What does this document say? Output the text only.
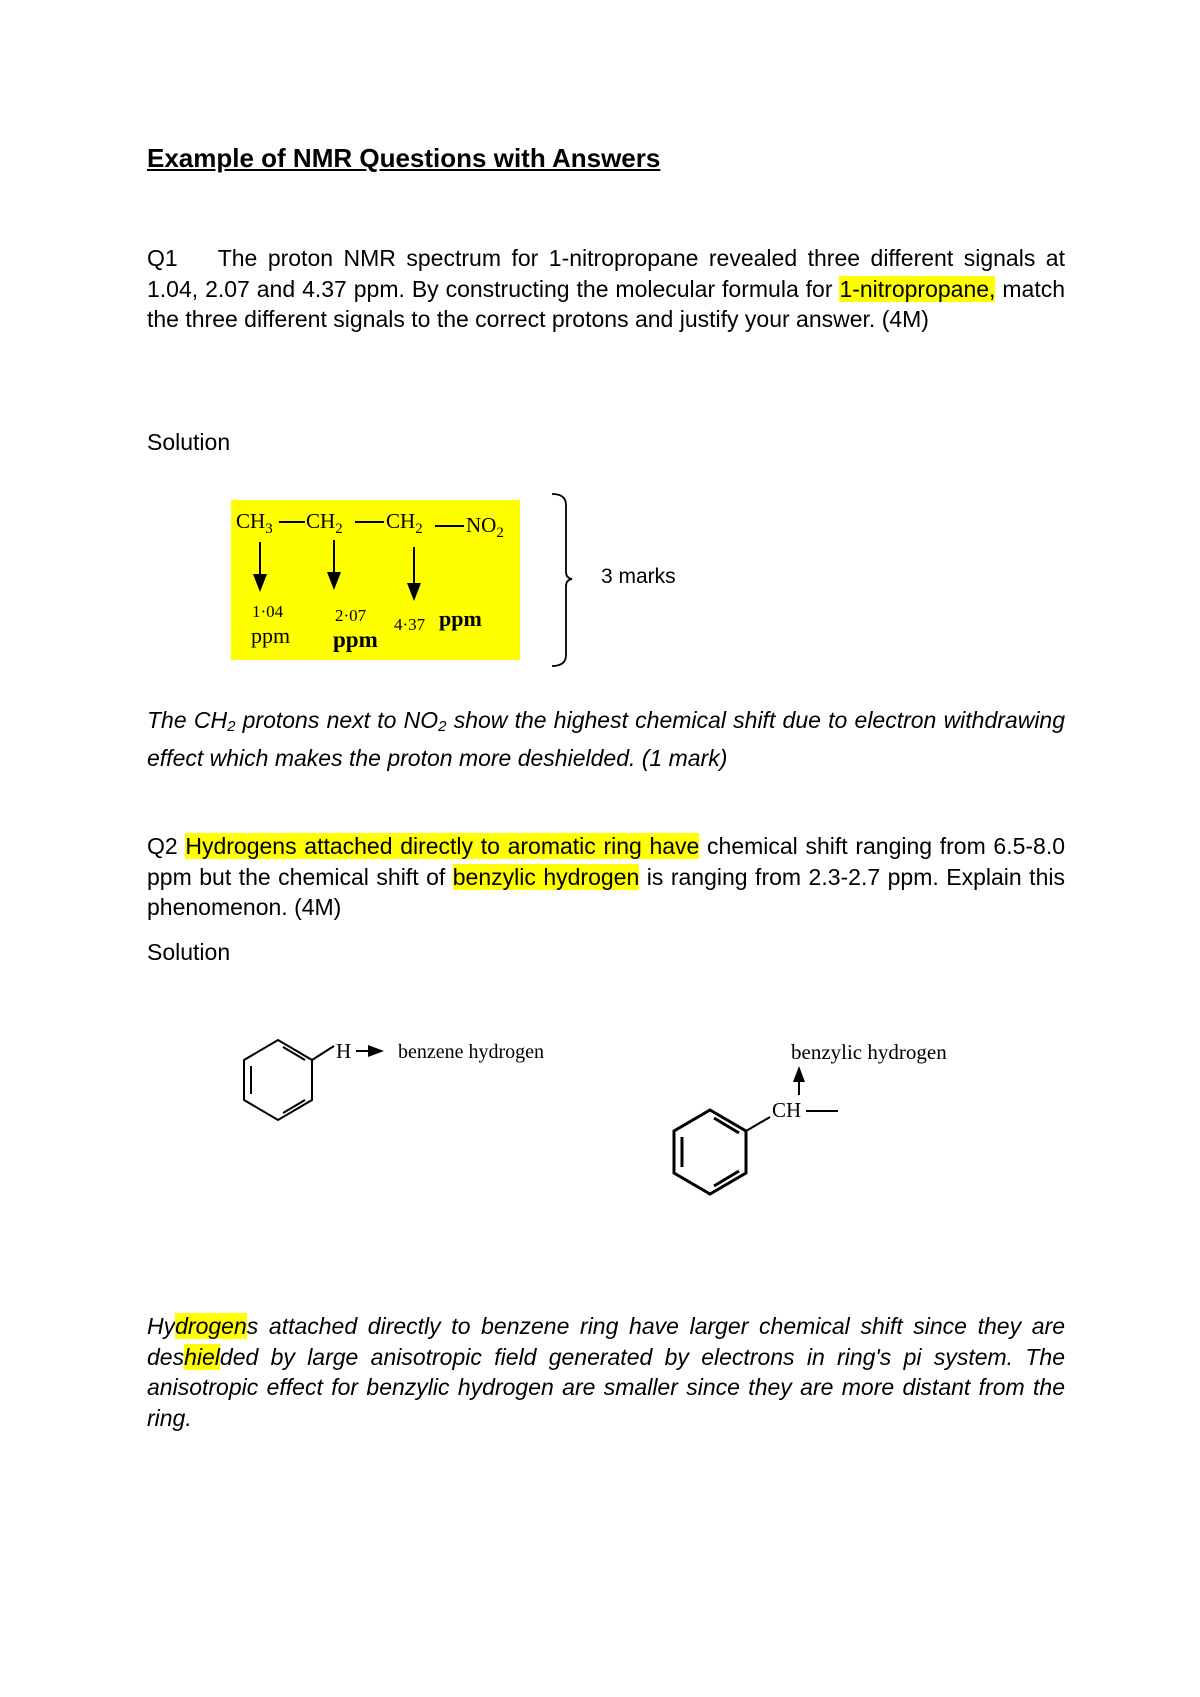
Example of NMR Questions with Answers
Q1 The proton NMR spectrum for 1-nitropropane revealed three different signals at 1.04, 2.07 and 4.37 ppm. By constructing the molecular formula for 1-nitropropane, match the three different signals to the correct protons and justify your answer. (4M)
Solution
$CH_3$ $CH_2$ $CH_2$ $NO_2$
1·04
ppm
2·07
ppm
4·37 ppm
3 marks
H benzene hydrogen	benzylic hydrogen
CH
The $CH_2$ protons next to $NO_2$ show the highest chemical shift due to electron withdrawing effect which makes the proton more deshielded. (1 mark)
Q2 Hydrogens attached directly to aromatic ring have chemical shift ranging from 6.5-8.0 ppm but the chemical shift of benzylic hydrogen is ranging from 2.3-2.7 ppm. Explain this phenomenon. (4M)
Solution
Hydrogens attached directly to benzene ring have larger chemical shift since they are deshielded by large anisotropic field generated by electrons in ring's pi system. The anisotropic effect for benzylic hydrogen are smaller since they are more distant from the ring.
